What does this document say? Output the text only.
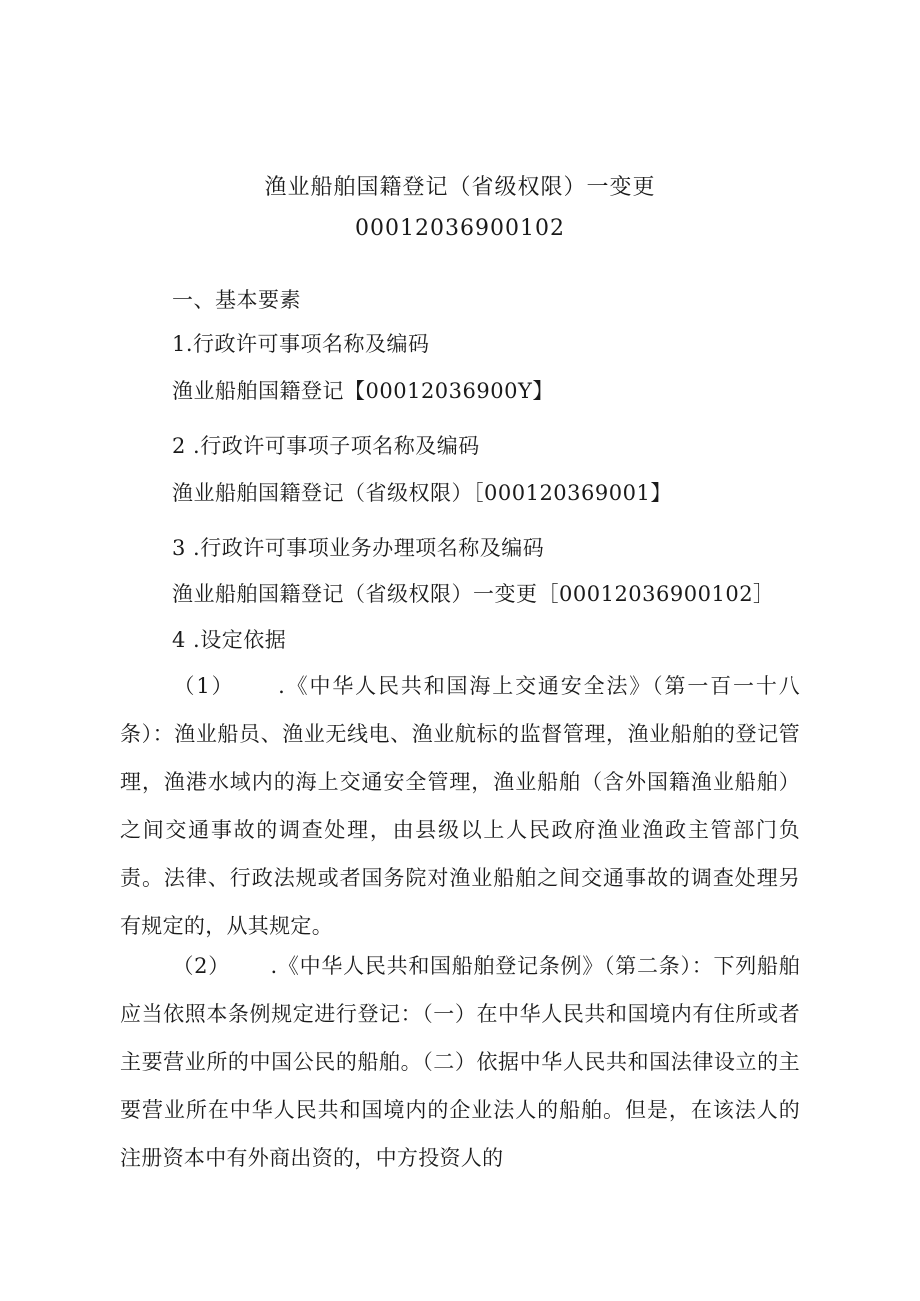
渔业船舶国籍登记（省级权限）一变更
00012036900102
一、基本要素
1.行政许可事项名称及编码
渔业船舶国籍登记【00012036900Y】
2 .行政许可事项子项名称及编码
渔业船舶国籍登记（省级权限）［000120369001】
3 .行政许可事项业务办理项名称及编码
渔业船舶国籍登记（省级权限）一变更［00012036900102］
4 .设定依据
（1）　　 .《中华人民共和国海上交通安全法》（第一百一十八条）：渔业船员、渔业无线电、渔业航标的监督管理，渔业船舶的登记管理，渔港水域内的海上交通安全管理，渔业船舶（含外国籍渔业船舶）之间交通事故的调查处理，由县级以上人民政府渔业渔政主管部门负责。法律、行政法规或者国务院对渔业船舶之间交通事故的调查处理另有规定的，从其规定。
（2）　　 .《中华人民共和国船舶登记条例》（第二条）：下列船舶应当依照本条例规定进行登记：（一）在中华人民共和国境内有住所或者主要营业所的中国公民的船舶。（二）依据中华人民共和国法律设立的主要营业所在中华人民共和国境内的企业法人的船舶。但是，在该法人的注册资本中有外商出资的，中方投资人的
